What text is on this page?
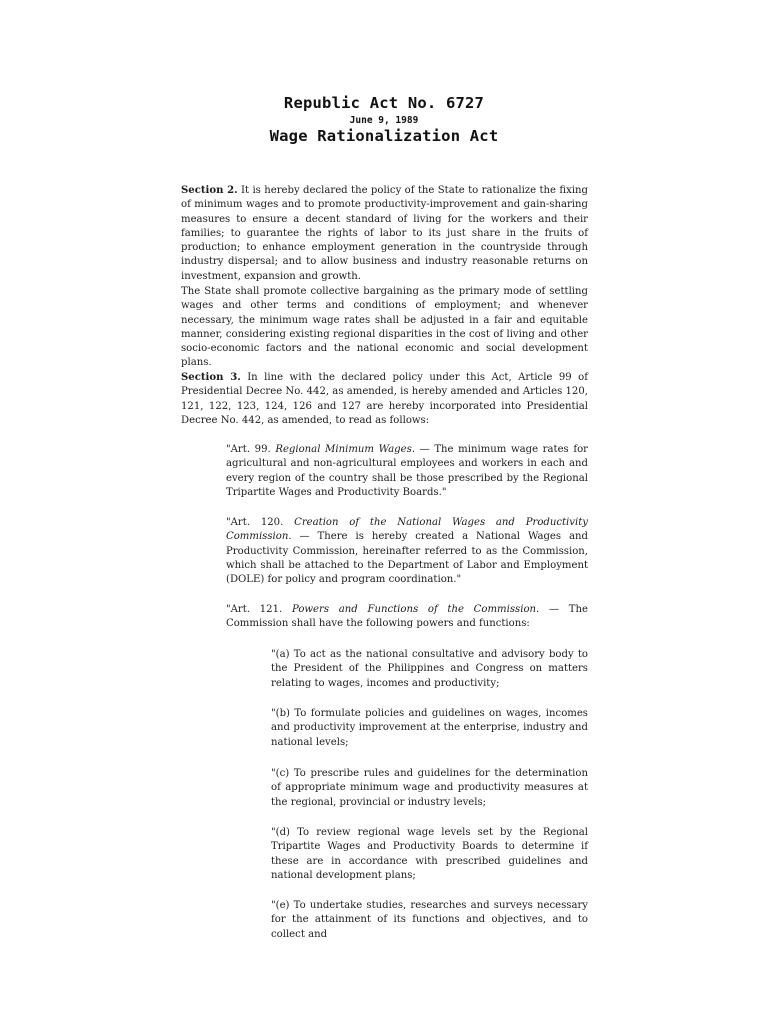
Republic Act No. 6727
June 9, 1989
Wage Rationalization Act

Section 2. It is hereby declared the policy of the State to rationalize the fixing of minimum wages and to promote productivity-improvement and gain-sharing measures to ensure a decent standard of living for the workers and their families; to guarantee the rights of labor to its just share in the fruits of production; to enhance employment generation in the countryside through industry dispersal; and to allow business and industry reasonable returns on investment, expansion and growth.

The State shall promote collective bargaining as the primary mode of settling wages and other terms and conditions of employment; and whenever necessary, the minimum wage rates shall be adjusted in a fair and equitable manner, considering existing regional disparities in the cost of living and other socio-economic factors and the national economic and social development plans.

Section 3. In line with the declared policy under this Act, Article 99 of Presidential Decree No. 442, as amended, is hereby amended and Articles 120, 121, 122, 123, 124, 126 and 127 are hereby incorporated into Presidential Decree No. 442, as amended, to read as follows:

"Art. 99. Regional Minimum Wages. — The minimum wage rates for agricultural and non-agricultural employees and workers in each and every region of the country shall be those prescribed by the Regional Tripartite Wages and Productivity Boards."

"Art. 120. Creation of the National Wages and Productivity Commission. — There is hereby created a National Wages and Productivity Commission, hereinafter referred to as the Commission, which shall be attached to the Department of Labor and Employment (DOLE) for policy and program coordination."

"Art. 121. Powers and Functions of the Commission. — The Commission shall have the following powers and functions:

"(a) To act as the national consultative and advisory body to the President of the Philippines and Congress on matters relating to wages, incomes and productivity;

"(b) To formulate policies and guidelines on wages, incomes and productivity improvement at the enterprise, industry and national levels;

"(c) To prescribe rules and guidelines for the determination of appropriate minimum wage and productivity measures at the regional, provincial or industry levels;

"(d) To review regional wage levels set by the Regional Tripartite Wages and Productivity Boards to determine if these are in accordance with prescribed guidelines and national development plans;

"(e) To undertake studies, researches and surveys necessary for the attainment of its functions and objectives, and to collect and
